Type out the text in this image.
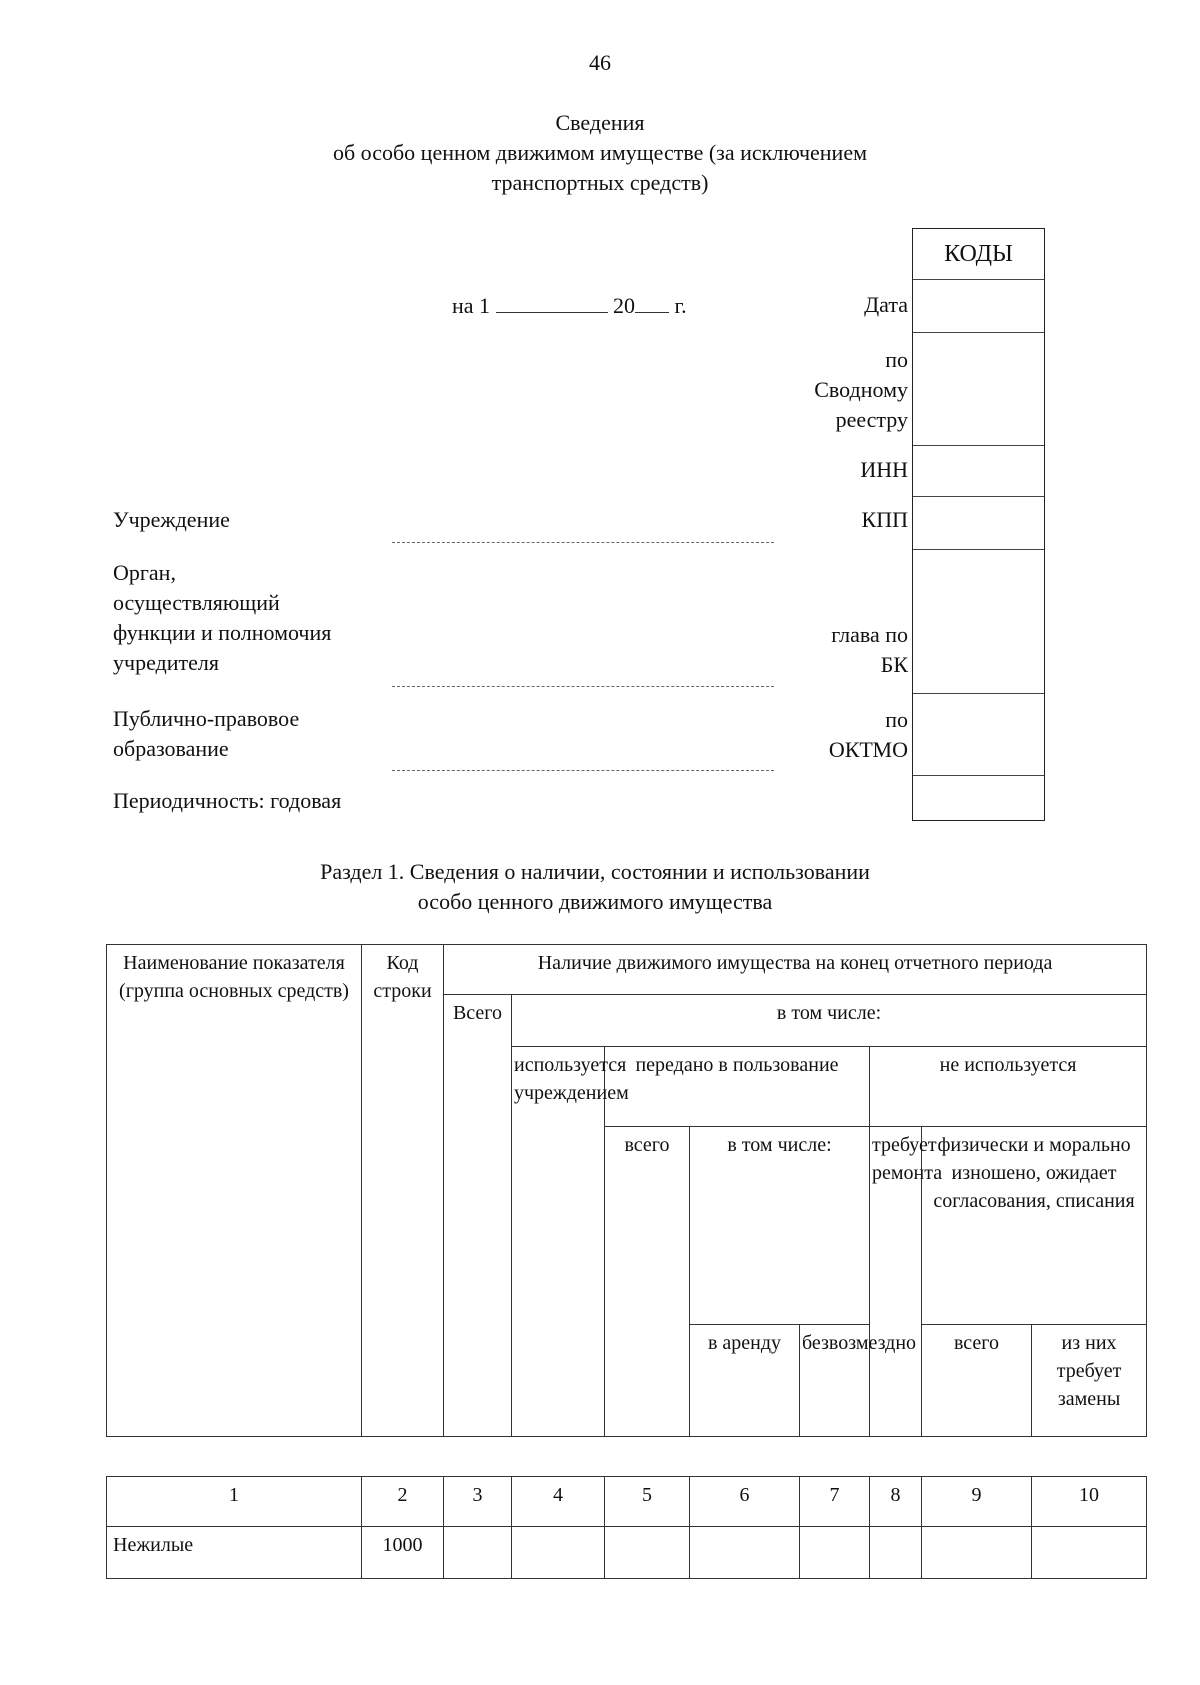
46
Сведения
об особо ценном движимом имуществе (за исключением
транспортных средств)
КОДЫ
на 1	20 г.	Дата
по
Сводному
реестру
ИНН
КПП
глава по
БК
по
ОКТМО
Учреждение
Орган,
осуществляющий
функции и полномочия
учредителя
Публично-правовое
образование
Периодичность: годовая
Раздел 1. Сведения о наличии, состоянии и использовании
особо ценного движимого имущества
Наименование показателя (группа основных средств)	Код строки	Наличие движимого имущества на конец отчетного периода							
		Всего	в том числе:						
			используется учреждением	передано в пользование			не используется		
				всего	в том числе:		требует ремонта	физически и морально изношено, ожидает согласования, списания	
					в аренду	безвозмездно		всего	из них требует замены
1	2	3	4	5	6	7	8	9	10
Нежилые	1000								
